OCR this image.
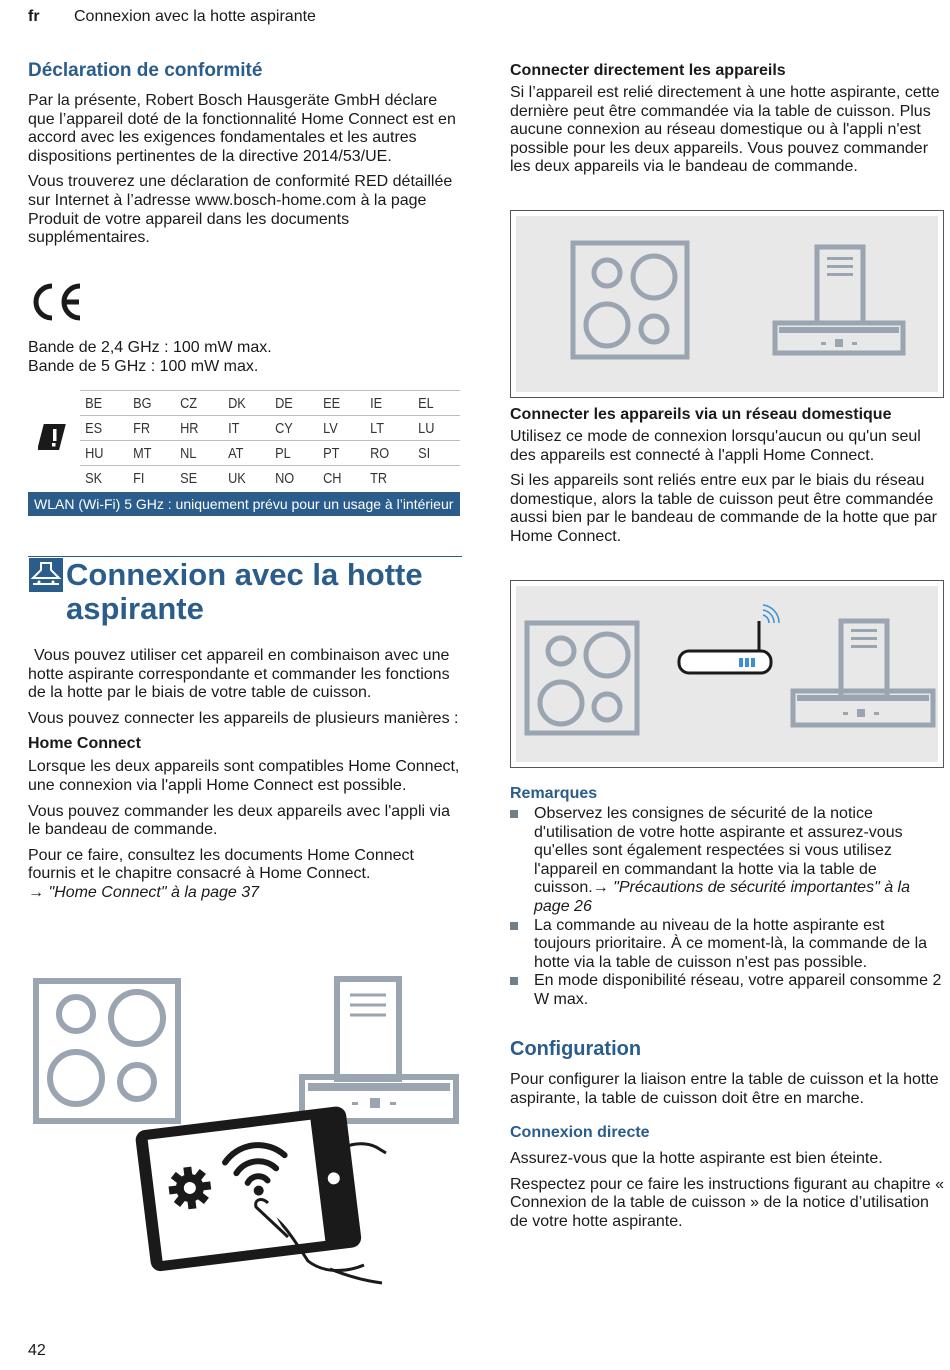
fr Connexion avec la hotte aspirante
Déclaration de conformité

Par la présente, Robert Bosch Hausgeräte GmbH déclare que l’appareil doté de la fonctionnalité Home Connect est en accord avec les exigences fondamentales et les autres dispositions pertinentes de la directive 2014/53/UE.

Vous trouverez une déclaration de conformité RED détaillée sur Internet à l’adresse www.bosch-home.com à la page Produit de votre appareil dans les documents supplémentaires.

Bande de 2,4 GHz : 100 mW max.

Bande de 5 GHz : 100 mW max.

BE	BG	CZ	DK	DE	EE	IE	EL
ES	FR	HR	IT	CY	LV	LT	LU
HU	MT	NL	AT	PL	PT	RO	SI
SK	FI	SE	UK	NO	CH	TR	
WLAN (Wi-Fi) 5 GHz : uniquement prévu pour un usage à l’intérieur
Connexion avec la hotte
aspirante

Vous pouvez utiliser cet appareil en combinaison avec une hotte aspirante correspondante et commander les fonctions de la hotte par le biais de votre table de cuisson.

Vous pouvez connecter les appareils de plusieurs manières :

Home Connect

Lorsque les deux appareils sont compatibles Home Connect, une connexion via l'appli Home Connect est possible.

Vous pouvez commander les deux appareils avec l'appli via le bandeau de commande.

Pour ce faire, consultez les documents Home Connect fournis et le chapitre consacré à Home Connect.

→ "Home Connect" à la page 37

42
Connecter directement les appareils

Si l’appareil est relié directement à une hotte aspirante, cette dernière peut être commandée via la table de cuisson. Plus aucune connexion au réseau domestique ou à l'appli n'est possible pour les deux appareils. Vous pouvez commander les deux appareils via le bandeau de commande.

Connecter les appareils via un réseau domestique

Utilisez ce mode de connexion lorsqu'aucun ou qu'un seul des appareils est connecté à l'appli Home Connect.

Si les appareils sont reliés entre eux par le biais du réseau domestique, alors la table de cuisson peut être commandée aussi bien par le bandeau de commande de la hotte que par Home Connect.

Remarques
Observez les consignes de sécurité de la notice d'utilisation de votre hotte aspirante et assurez-vous qu'elles sont également respectées si vous utilisez l'appareil en commandant la hotte via la table de cuisson.→ "Précautions de sécurité importantes" à la page 26
La commande au niveau de la hotte aspirante est toujours prioritaire. À ce moment-là, la commande de la hotte via la table de cuisson n'est pas possible.
En mode disponibilité réseau, votre appareil consomme 2 W max.
Configuration

Pour configurer la liaison entre la table de cuisson et la hotte aspirante, la table de cuisson doit être en marche.

Connexion directe

Assurez-vous que la hotte aspirante est bien éteinte.

Respectez pour ce faire les instructions figurant au chapitre « Connexion de la table de cuisson » de la notice d’utilisation de votre hotte aspirante.
